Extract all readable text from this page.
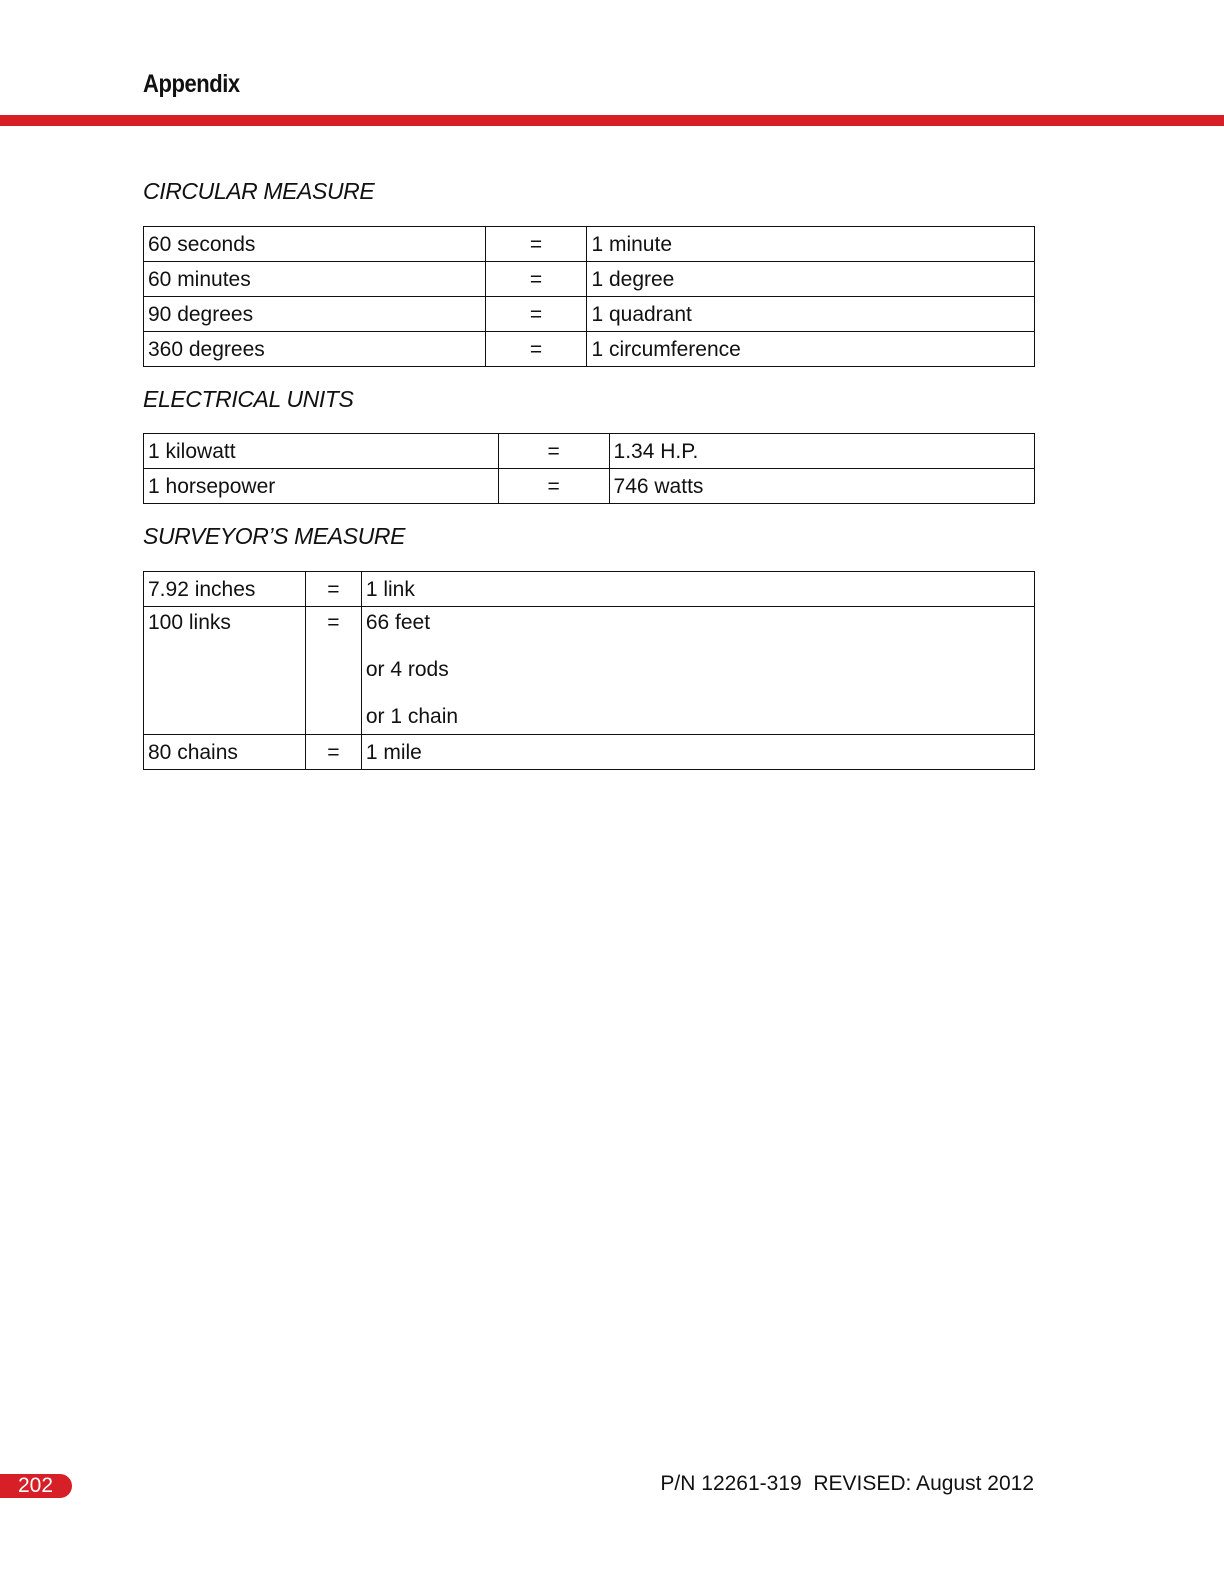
Appendix
CIRCULAR MEASURE
60 seconds	=	1 minute
60 minutes	=	1 degree
90 degrees	=	1 quadrant
360 degrees	=	1 circumference
ELECTRICAL UNITS
1 kilowatt	=	1.34 H.P.
1 horsepower	=	746 watts
SURVEYOR’S MEASURE
7.92 inches	=	1 link
100 links	=	66 feet
or 4 rods
or 1 chain

80 chains	=	1 mile
202	P/N 12261-319  REVISED: August 2012
